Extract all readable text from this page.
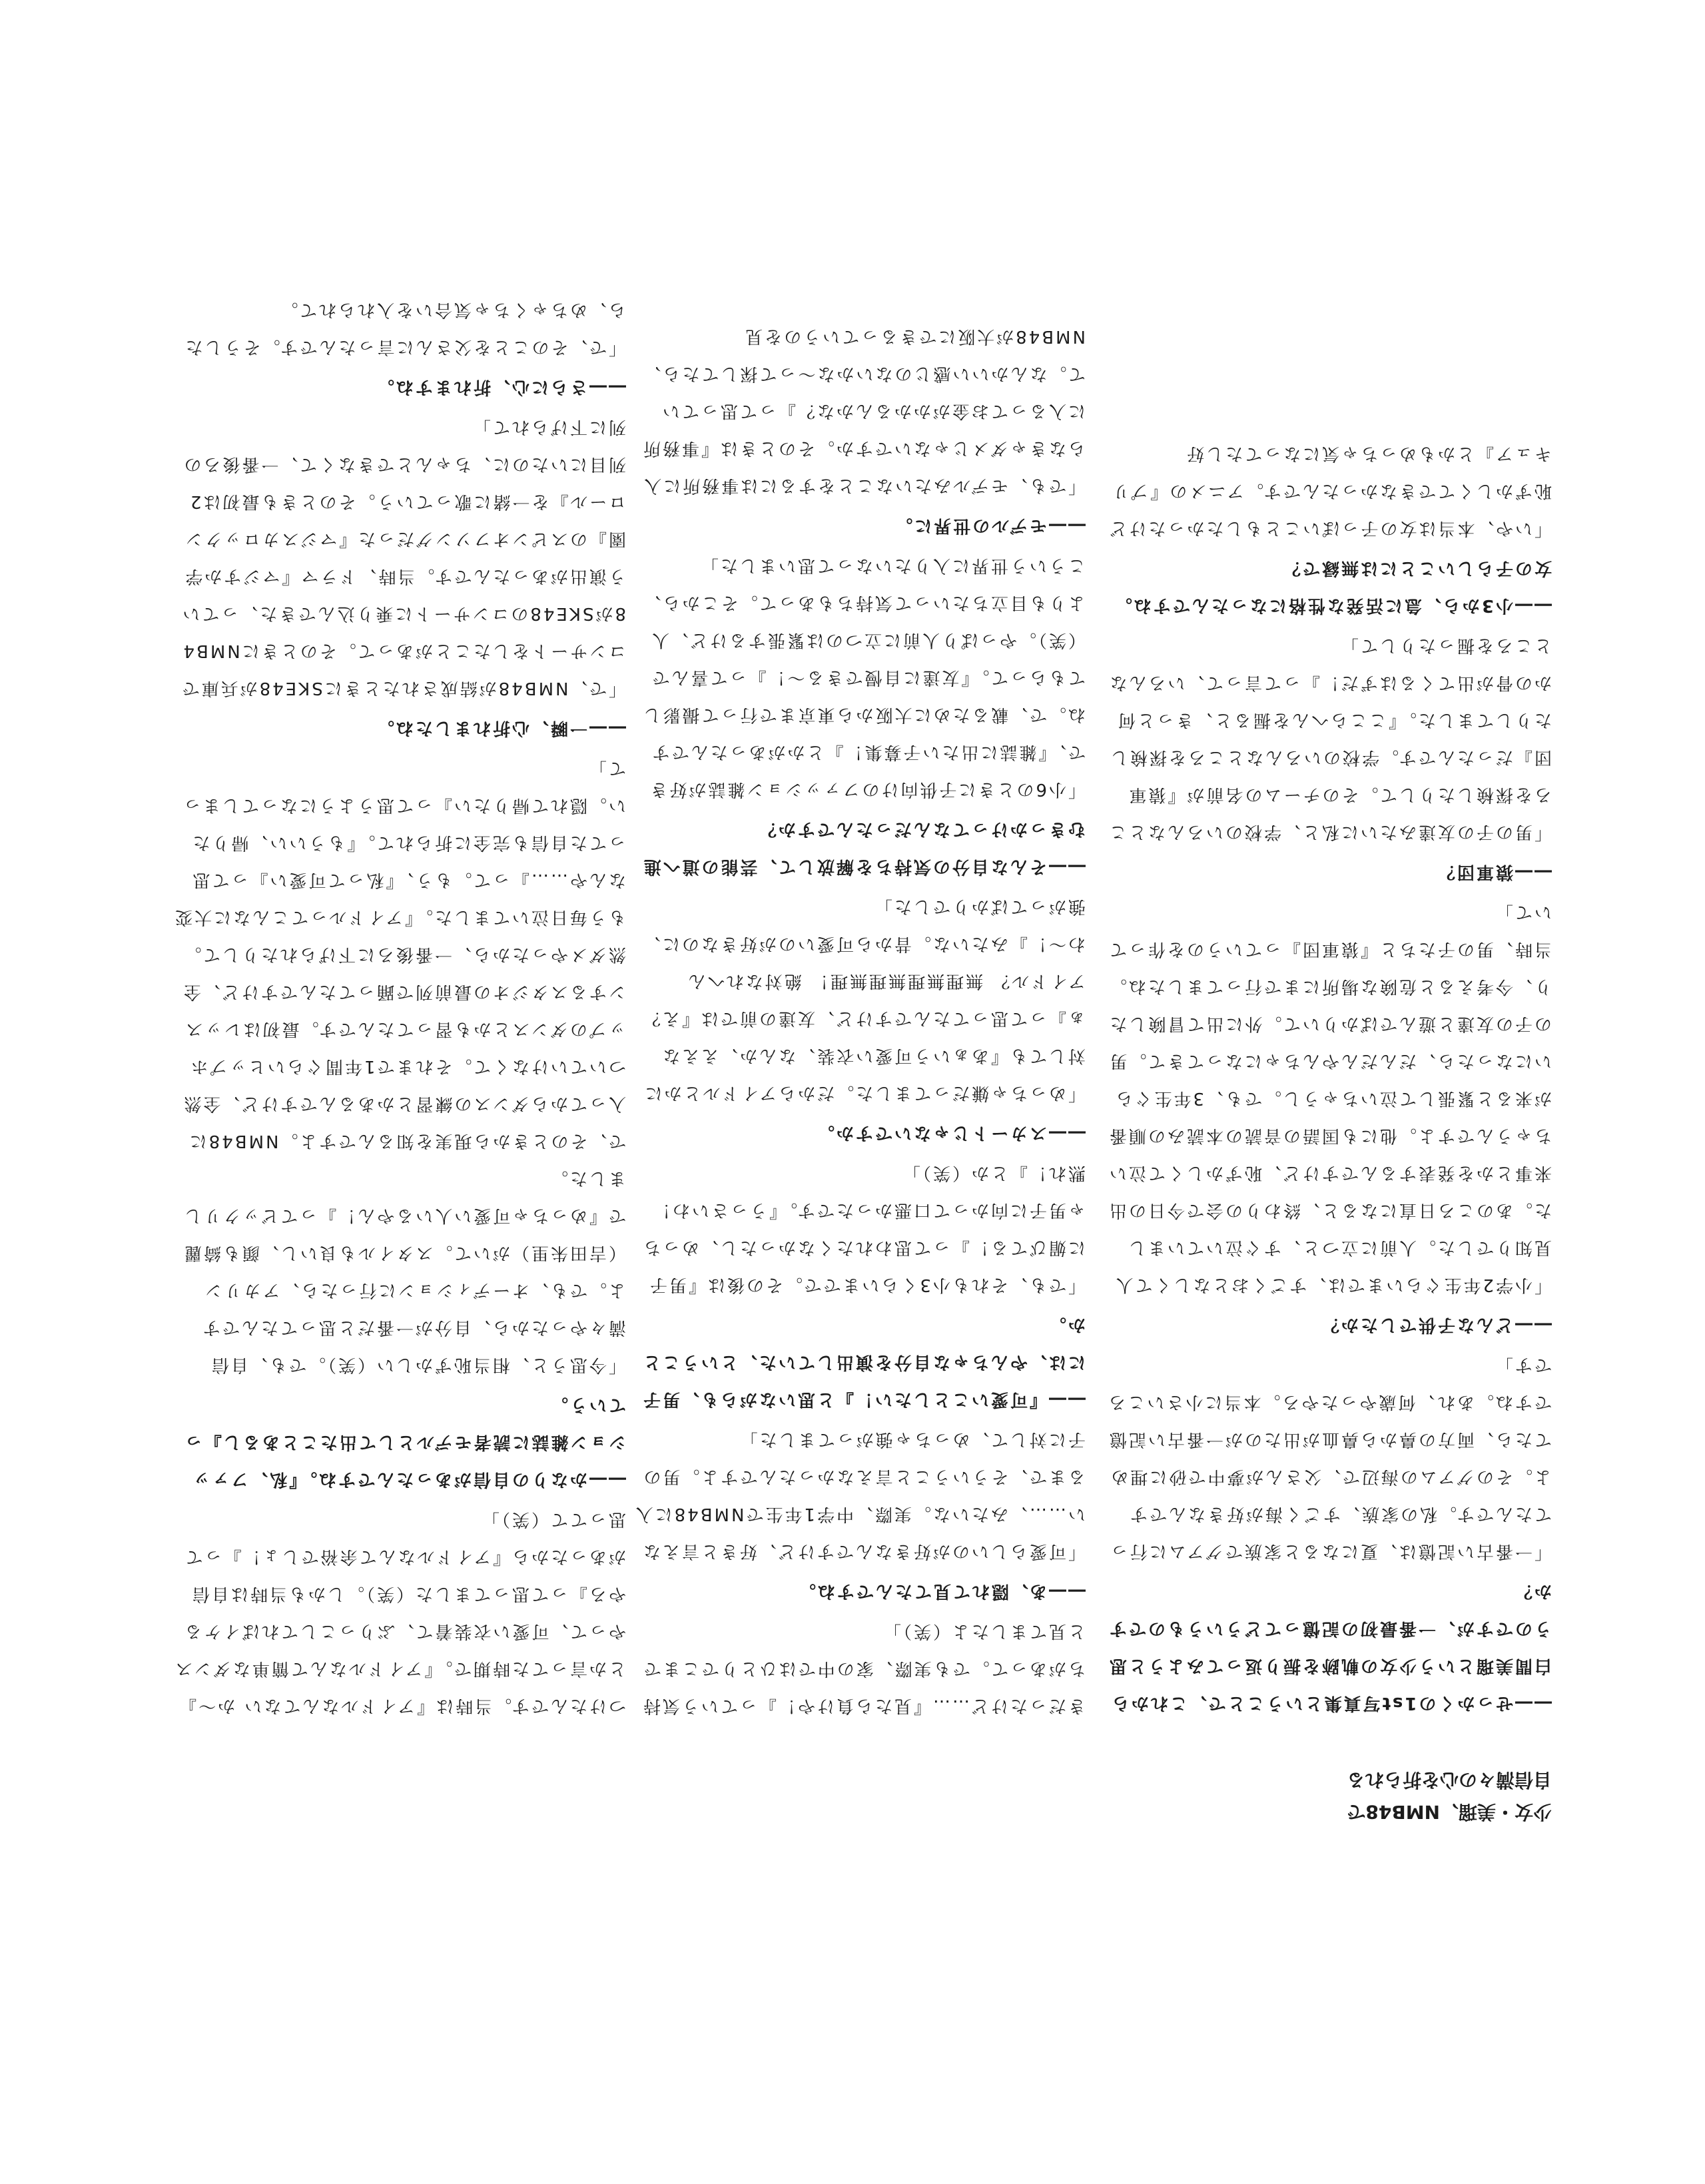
少女・美瑠、NMB48で
自信満々の心を折られる

――せっかくの1st写真集ということで、これから白間美瑠という少女の軌跡を振り返ってみようと思うのですが、一番最初の記憶ってどういうものですか？

「一番古い記憶は、夏になると家族でグアムに行ってたんです。私の家族、すごく海が好きなんですよ。そのグアムの海辺で、父さんが夢中で砂に埋めてたら、両方の鼻から鼻血が出たのが一番古い記憶ですね。あれ、何歳やったやろ。本当に小さいころです」

――どんな子供でしたか？

「小学2年生ぐらいまでは、すごくおとなしくて人見知りでした。人前に立つと、すぐ泣いていました。あのころ日直になると、終わりの会で今日の出来事とかを発表するんですけど、恥ずかしくて泣いちゃうんですよ。他にも国語の音読の本読みの順番が来ると緊張して泣いちゃうし。でも、3年生ぐらいになったら、だんだんやんちゃになってきて。男の子の友達と遊んでばかりいて。外に出て冒険したり、今考えると危険な場所にまで行ってましたね。当時、男の子たちと『猿軍団』っていうのを作っていて」

――猿軍団？

「男の子の友達みたいに私と、学校のいろんなところを探検したりして。そのチームの名前が『猿軍団』だったんです。学校のいろんなところを探検したりしてました。『ここらへんを掘ると、きっと何かの骨が出てくるはずだ！』って言って、いろんなところを掘ったりして」

――小3から、急に活発な性格になったんですね。女の子らしいことには無縁で？

「いや、本当は女の子っぽいこともしたかったけど恥ずかしくてできなかったんです。アニメの『プリキュア』とかもめっちゃ気になってたし好

きだったけど……『見たら負けや！』っていう気持ちがあって。でも実際、家の中ではひとりでこまでと見てましたよ（笑）」

――あ、隠れて見てたんですね。

「可愛らしいのが好きなんですけど、好きと言えない……、みたいな。実際、中学1年生でNMB48に入るまで、そういうこと言えなかったんですよ。男の子に対して、めっちゃ強がってました」

――『可愛いことしたい！』と思いながらも、男子には、やんちゃな自分を演出していた、ということか。

「でも、それも小3くらいまでで。その後は『男子に媚びてる！』って思われたくなかったし、めっちゃ男子に向かって口悪かったです。『うっさいわ！ 黙れ！』とか（笑）」

――スカートじゃないですか。

「めっちゃ嫌だってました。だからアイドルとかに対しても『あぁいう可愛い衣装、なんか、ええなぁ』って思ってたんですけど、友達の前では『え？ アイドル？ 無理無理無理無理！ 絶対なれへんわ〜！』みたいな。昔から可愛いのが好きなのに、強がってばかりでした」

――そんな自分の気持ちを解放して、芸能の道へ進むきっかけってなんだったんですか？

「小6のときに子供向けのファッション雑誌が好きで、『雑誌に出たい子募集！』とかがあったんですね。で、載るために大阪から東京まで行って撮影してもらって。『友達に自慢できる〜！』って喜んで（笑）。やっぱり人前に立つのは緊張するけど、人よりも目立ちたいって気持ちもあって。そこから、こういう世界に入りたいなって思いました」

――モデルの世界に。

「でも、モデルみたいなことをするには事務所に入らなきゃダメじゃないですか。そのときは『事務所に入るってお金がかかるんかな？』って思っていて。なんかいい感じのないかな〜って探してたら、NMB48が大阪にできるっていうのを見

つけたんです。当時は『アイドルなんてない か〜』とか言ってた時期で。『アイドルなんて簡単なダンスやって、可愛い衣装着て、ぶりっこしてればイケるやろ』って思ってました（笑）。しかも当時は自信があったから『アイドルなんて余裕でしょ！』って思ってて（笑）」

――かなりの自信があったんですね。『私、ファッション雑誌に読者モデルとして出たことあるし』っていう。

「今思うと、相当恥ずかしい（笑）。でも、自信満々やったから、自分が一番だと思ってたんですよ。でも、オーディションに行ったら、アカリン（吉田朱里）がいて。スタイルも良いし、顔も綺麗で『めっちゃ可愛い人いるやん！』ってビックリしました。

で、そのときから現実を知るんですよ。NMB48に入ってからダンスの練習とかあるんですけど、全然ついていけなくて。それまで1年間ぐらいヒップホップのダンスとかも習ってたんです。最初はレッスンするスタジオの最前列で踊ってたんですけど、全然ダメやったから、一番後ろに下げられたりして。もう毎日泣いてました。『アイドルってこんなに大変なんや……』って。もう、『私って可愛い』って思ってた自信も完全に折られて。『もういい、帰りたい。隠れて帰りたい』って思うようになってしまって」

――一瞬、心折れましたね。

「で、NMB48が結成されたときにSKE48が兵庫でコンサートをしたことがあって。そのときにNMB48がSKE48のコンサートに乗り込んできた、っていう演出があったんです。当時、ドラマ『マジすか学園』のスピンオフソングだった『マジスカロックンロール』を一緒に歌っていう。そのときも最初は2列目にいたのに、ちゃんとできなくて、一番後ろの列に下げられて」

――さらに心、折れますね。

「で、そのことを父さんに言ったんです。そうしたら、めちゃくちゃ気合いを入れられて。
